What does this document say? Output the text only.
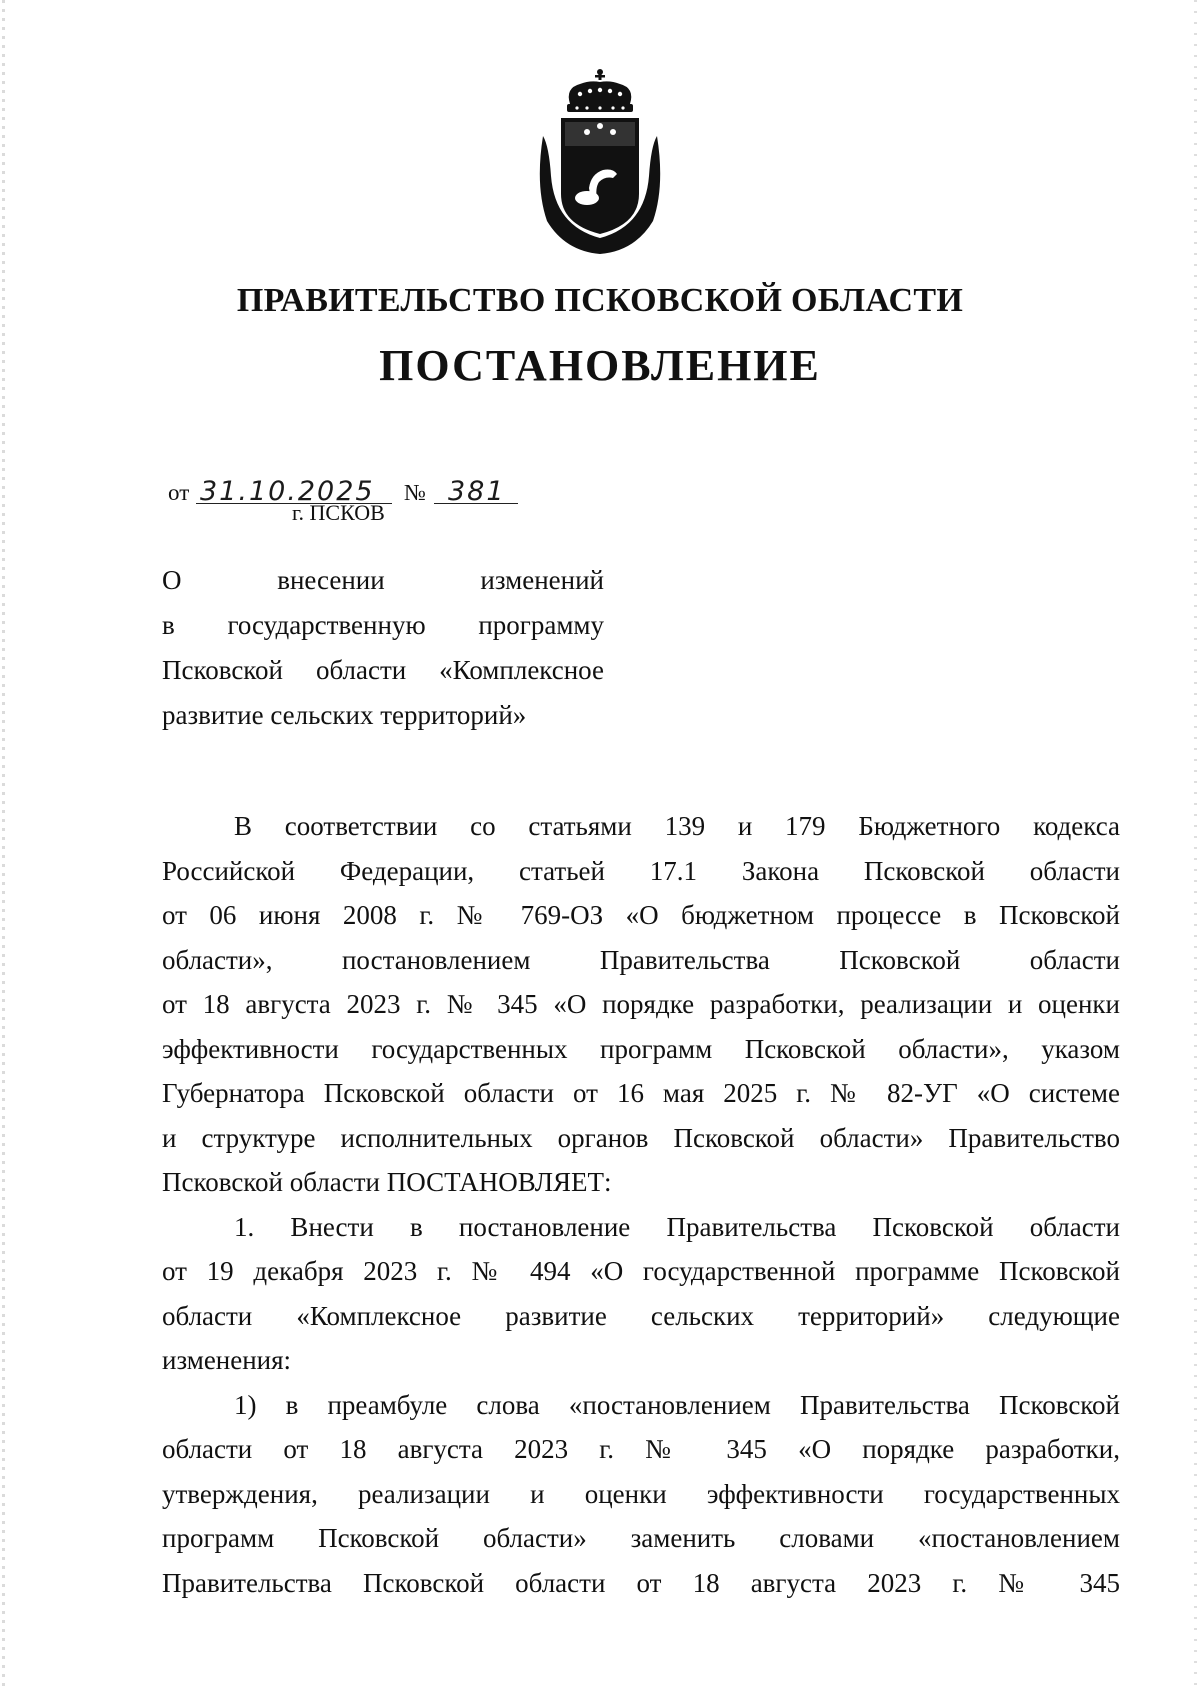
ПРАВИТЕЛЬСТВО ПСКОВСКОЙ ОБЛАСТИ
ПОСТАНОВЛЕНИЕ
от 31.10.2025 № 381
г. ПСКОВ
О внесении изменений
в государственную программу
Псковской области «Комплексное
развитие сельских территорий»
В соответствии со статьями 139 и 179 Бюджетного кодекса
Российской Федерации, статьей 17.1 Закона Псковской области
от 06 июня 2008 г. № 769-ОЗ «О бюджетном процессе в Псковской
области», постановлением Правительства Псковской области
от 18 августа 2023 г. № 345 «О порядке разработки, реализации и оценки
эффективности государственных программ Псковской области», указом
Губернатора Псковской области от 16 мая 2025 г. № 82-УГ «О системе
и структуре исполнительных органов Псковской области» Правительство
Псковской области ПОСТАНОВЛЯЕТ:
1. Внести в постановление Правительства Псковской области
от 19 декабря 2023 г. № 494 «О государственной программе Псковской
области «Комплексное развитие сельских территорий» следующие
изменения:
1) в преамбуле слова «постановлением Правительства Псковской
области от 18 августа 2023 г. № 345 «О порядке разработки,
утверждения, реализации и оценки эффективности государственных
программ Псковской области» заменить словами «постановлением
Правительства Псковской области от 18 августа 2023 г. № 345
